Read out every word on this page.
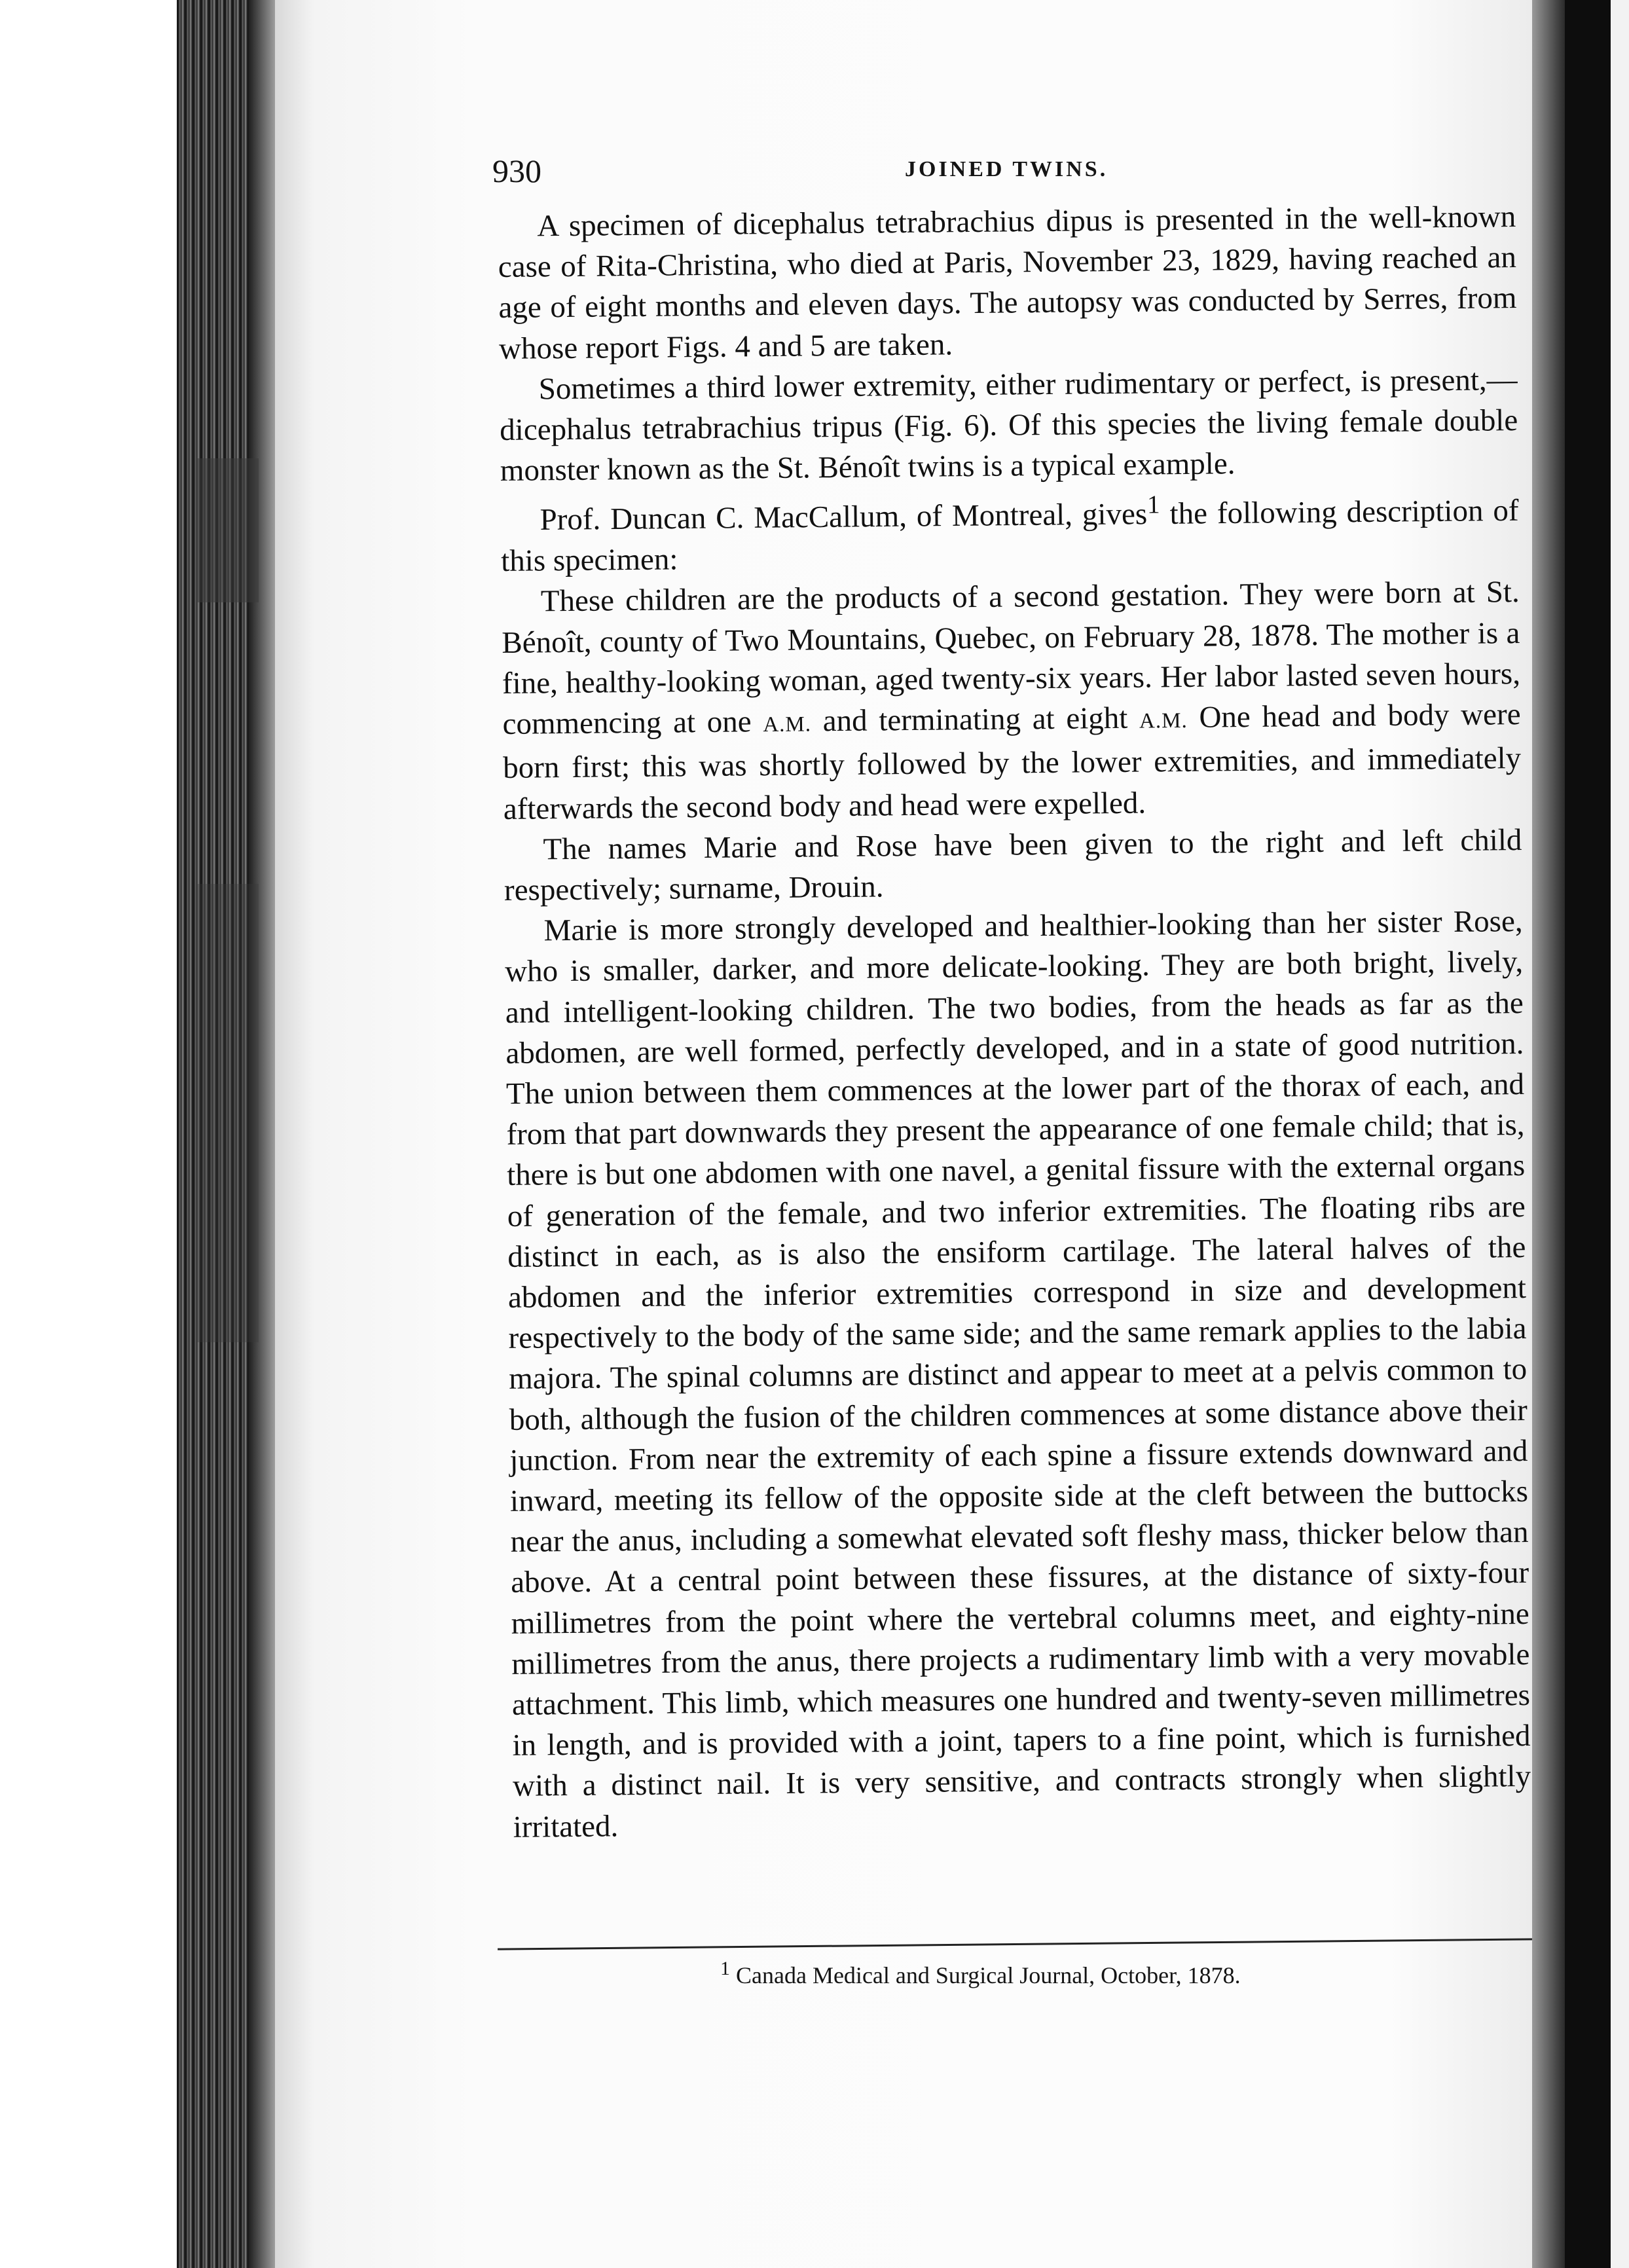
930	JOINED TWINS.

A specimen of dicephalus tetrabrachius dipus is presented in the well-known case of Rita-Christina, who died at Paris, November 23, 1829, having reached an age of eight months and eleven days. The autopsy was conducted by Serres, from whose report Figs. 4 and 5 are taken.

Sometimes a third lower extremity, either rudimentary or perfect, is present,—dicephalus tetrabrachius tripus (Fig. 6). Of this species the living female double monster known as the St. Bénoît twins is a typical example.

Prof. Duncan C. MacCallum, of Montreal, gives$^1$ the following description of this specimen:

These children are the products of a second gestation. They were born at St. Bénoît, county of Two Mountains, Quebec, on February 28, 1878. The mother is a fine, healthy-looking woman, aged twenty-six years. Her labor lasted seven hours, commencing at one A.M. and terminating at eight A.M. One head and body were born first; this was shortly followed by the lower extremities, and immediately afterwards the second body and head were expelled.

The names Marie and Rose have been given to the right and left child respectively; surname, Drouin.

Marie is more strongly developed and healthier-looking than her sister Rose, who is smaller, darker, and more delicate-looking. They are both bright, lively, and intelligent-looking children. The two bodies, from the heads as far as the abdomen, are well formed, perfectly developed, and in a state of good nutrition. The union between them commences at the lower part of the thorax of each, and from that part downwards they present the appearance of one female child; that is, there is but one abdomen with one navel, a genital fissure with the external organs of generation of the female, and two inferior extremities. The floating ribs are distinct in each, as is also the ensiform cartilage. The lateral halves of the abdomen and the inferior extremities correspond in size and development respectively to the body of the same side; and the same remark applies to the labia majora. The spinal columns are distinct and appear to meet at a pelvis common to both, although the fusion of the children commences at some distance above their junction. From near the extremity of each spine a fissure extends downward and inward, meeting its fellow of the opposite side at the cleft between the buttocks near the anus, including a somewhat elevated soft fleshy mass, thicker below than above. At a central point between these fissures, at the distance of sixty-four millimetres from the point where the vertebral columns meet, and eighty-nine millimetres from the anus, there projects a rudimentary limb with a very movable attachment. This limb, which measures one hundred and twenty-seven millimetres in length, and is provided with a joint, tapers to a fine point, which is furnished with a distinct nail. It is very sensitive, and contracts strongly when slightly irritated.

$^1$ Canada Medical and Surgical Journal, October, 1878.
